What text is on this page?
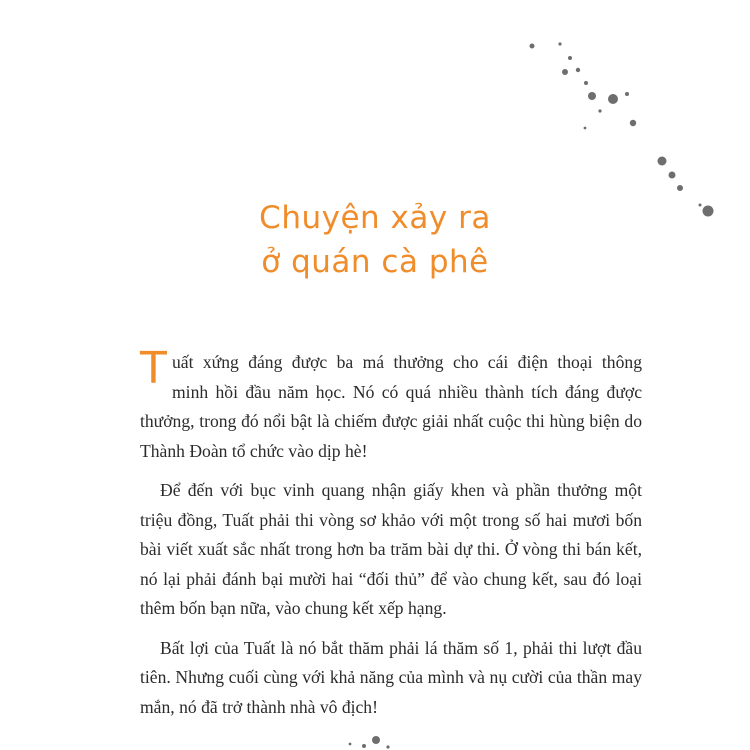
Chuyện xảy ra
ở quán cà phê
T uất xứng đáng được ba má thưởng cho cái điện thoại thông
minh hồi đầu năm học. Nó có quá nhiều thành tích đáng được
thưởng, trong đó nổi bật là chiếm được giải nhất cuộc thi hùng biện do
Thành Đoàn tổ chức vào dịp hè!
Để đến với bục vinh quang nhận giấy khen và phần thưởng một
triệu đồng, Tuất phải thi vòng sơ khảo với một trong số hai mươi bốn
bài viết xuất sắc nhất trong hơn ba trăm bài dự thi. Ở vòng thi bán kết,
nó lại phải đánh bại mười hai “đối thủ” để vào chung kết, sau đó loại
thêm bốn bạn nữa, vào chung kết xếp hạng.
Bất lợi của Tuất là nó bắt thăm phải lá thăm số 1, phải thi lượt đầu
tiên. Nhưng cuối cùng với khả năng của mình và nụ cười của thần may
mắn, nó đã trở thành nhà vô địch!
